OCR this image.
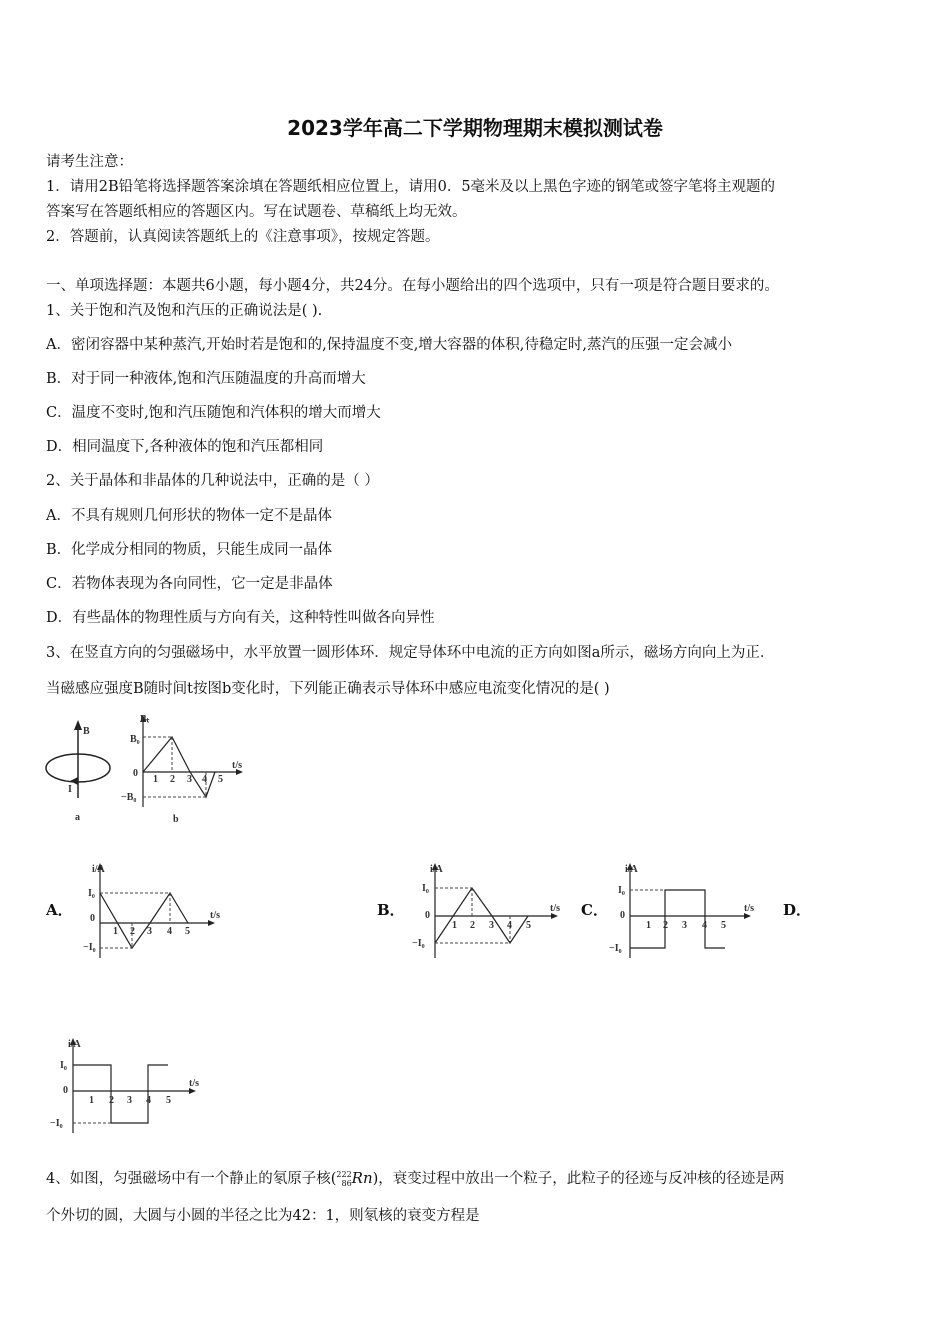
2023学年高二下学期物理期末模拟测试卷
请考生注意：
1．请用2B铅笔将选择题答案涂填在答题纸相应位置上，请用0．5毫米及以上黑色字迹的钢笔或签字笔将主观题的
答案写在答题纸相应的答题区内。写在试题卷、草稿纸上均无效。
2．答题前，认真阅读答题纸上的《注意事项》，按规定答题。
一、单项选择题：本题共6小题，每小题4分，共24分。在每小题给出的四个选项中，只有一项是符合题目要求的。
1、关于饱和汽及饱和汽压的正确说法是( ).
A．密闭容器中某种蒸汽,开始时若是饱和的,保持温度不变,增大容器的体积,待稳定时,蒸汽的压强一定会减小
B．对于同一种液体,饱和汽压随温度的升高而增大
C．温度不变时,饱和汽压随饱和汽体积的增大而增大
D．相同温度下,各种液体的饱和汽压都相同
2、关于晶体和非晶体的几种说法中，正确的是（ ）
A．不具有规则几何形状的物体一定不是晶体
B．化学成分相同的物质，只能生成同一晶体
C．若物体表现为各向同性，它一定是非晶体
D．有些晶体的物理性质与方向有关，这种特性叫做各向异性
3、在竖直方向的匀强磁场中，水平放置一圆形体环．规定导体环中电流的正方向如图a所示，磁场方向向上为正．
当磁感应强度B随时间t按图b变化时，下列能正确表示导体环中感应电流变化情况的是( )
B
I
a
Bₜ
B₀
0
−B₀
t/s
1 2 3 4 5
b
A．	B．	C．	D．
i/A
I₀
0
−I₀
t/s
1 2 3 4 5
i/A
I₀
0
−I₀
t/s
1 2 3 4 5
i/A
I₀
0
−I₀
t/s
1 2 3 4 5
i/A
I₀
0
−I₀
t/s
1 2 3 4 5
4、如图，匀强磁场中有一个静止的氡原子核(222
86Rn)，衰变过程中放出一个粒子，此粒子的径迹与反冲核的径迹是两
个外切的圆，大圆与小圆的半径之比为42：1，则氡核的衰变方程是
